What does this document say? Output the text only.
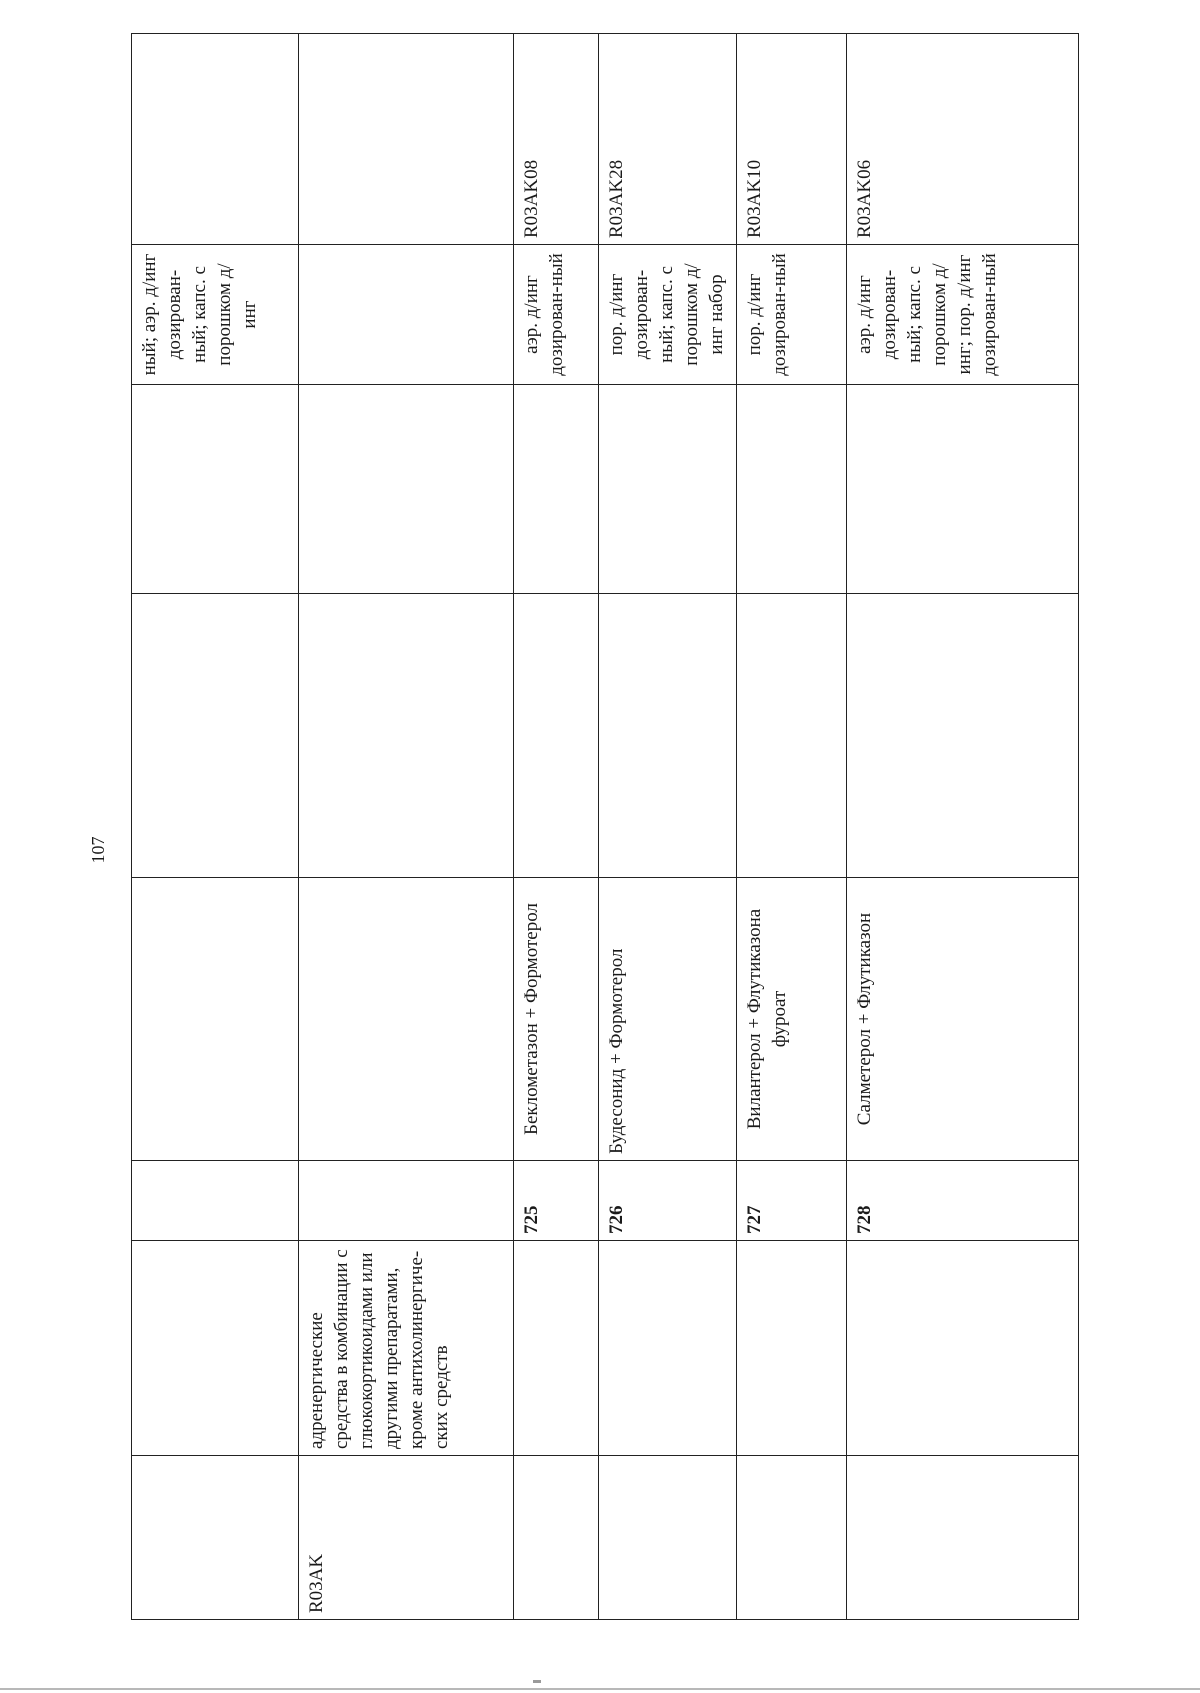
107
						ный; аэр. д/инг дозирован-ный; капс. с порошком д/инг	
R03AK	адренергические средства в комбинации с глюкокортикоидами или другими препаратами, кроме антихолинергиче-ских средств						
		725	Беклометазон + Формотерол			аэр. д/инг дозирован-ный	R03AK08
		726	Будесонид + Формотерол			пор. д/инг дозирован-ный; капс. с порошком д/инг набор	R03AK28
		727	Вилантерол + Флутиказона фуроат			пор. д/инг дозирован-ный	R03AK10
		728	Салметерол + Флутиказон			аэр. д/инг дозирован-ный; капс. с порошком д/инг; пор. д/инг дозирован-ный	R03AK06
